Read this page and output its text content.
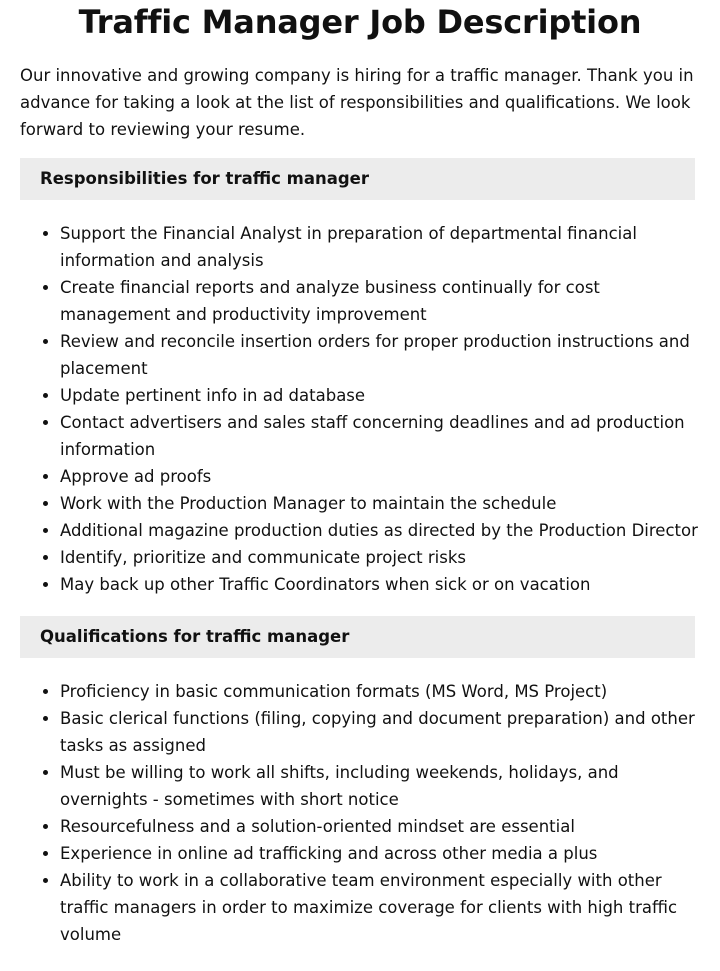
Traffic Manager Job Description

Our innovative and growing company is hiring for a traffic manager. Thank you in advance for taking a look at the list of responsibilities and qualifications. We look forward to reviewing your resume.

Responsibilities for traffic manager
• Support the Financial Analyst in preparation of departmental financial information and analysis
• Create financial reports and analyze business continually for cost management and productivity improvement
• Review and reconcile insertion orders for proper production instructions and placement
• Update pertinent info in ad database
• Contact advertisers and sales staff concerning deadlines and ad production information
• Approve ad proofs
• Work with the Production Manager to maintain the schedule
• Additional magazine production duties as directed by the Production Director
• Identify, prioritize and communicate project risks
• May back up other Traffic Coordinators when sick or on vacation
Qualifications for traffic manager
• Proficiency in basic communication formats (MS Word, MS Project)
• Basic clerical functions (filing, copying and document preparation) and other tasks as assigned
• Must be willing to work all shifts, including weekends, holidays, and overnights - sometimes with short notice
• Resourcefulness and a solution-oriented mindset are essential
• Experience in online ad trafficking and across other media a plus
• Ability to work in a collaborative team environment especially with other traffic managers in order to maximize coverage for clients with high traffic volume
